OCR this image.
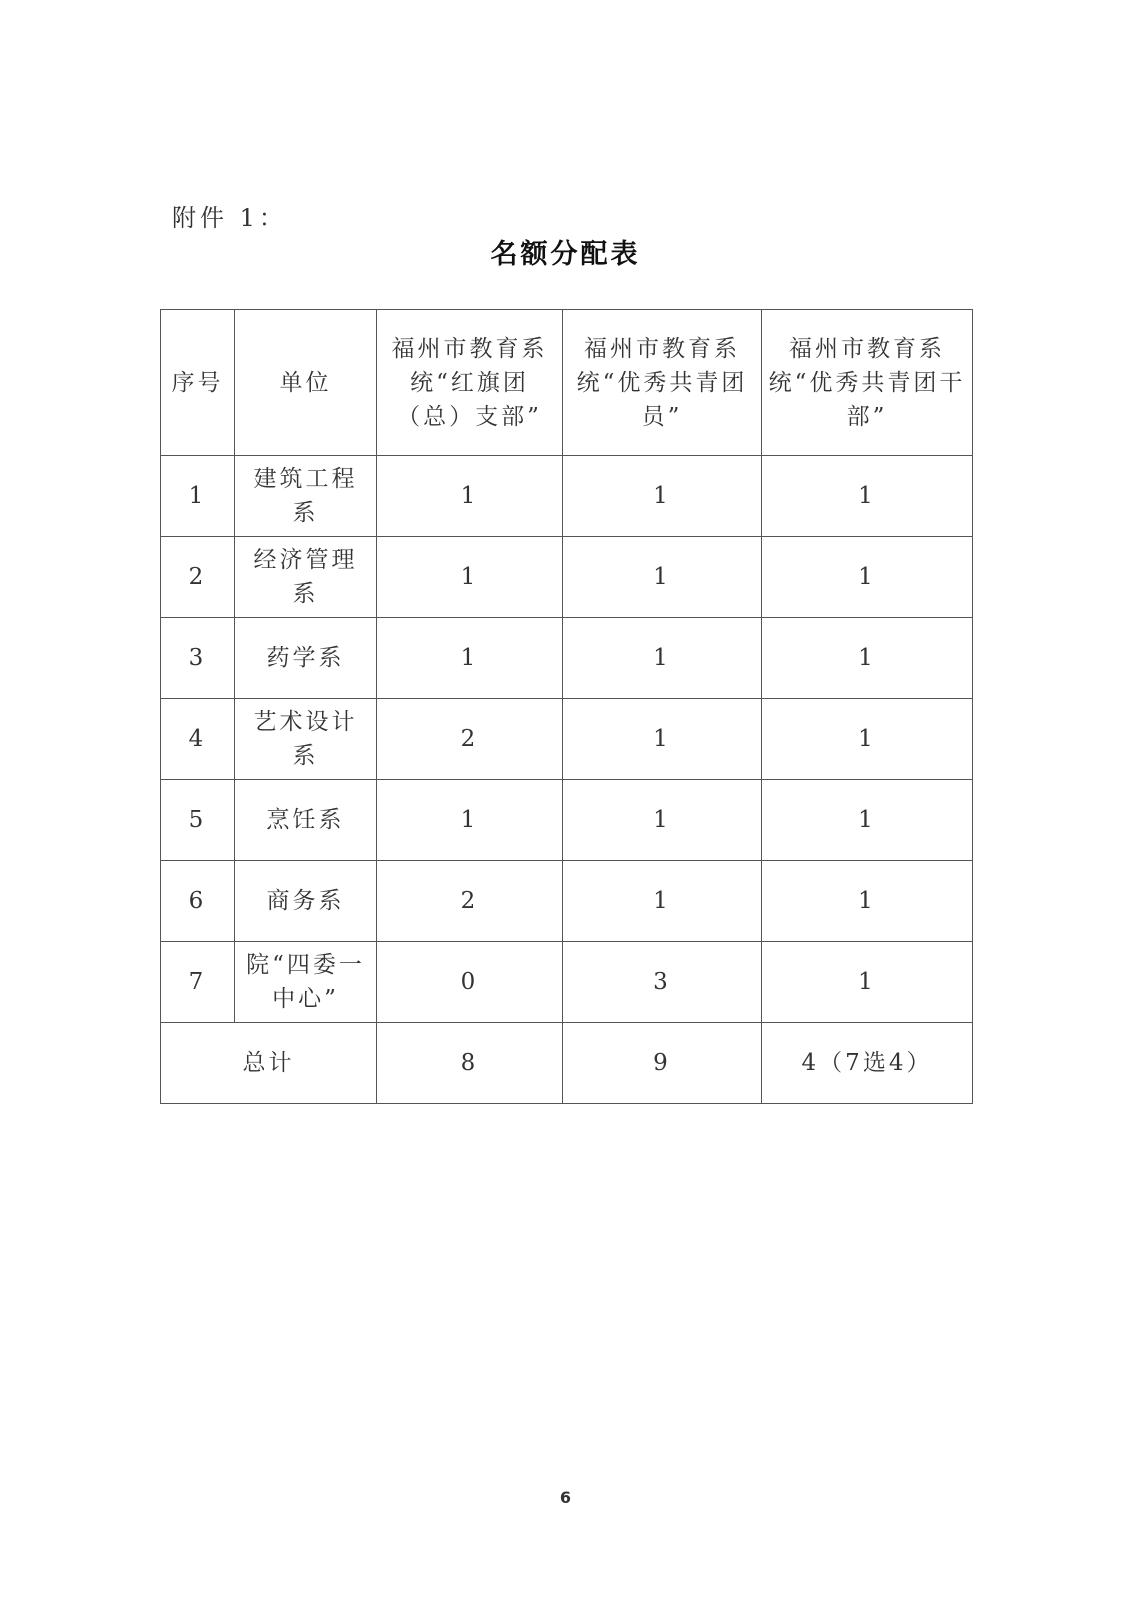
附件 1：
名额分配表
序号	单位	福州市教育系统“红旗团（总）支部”	福州市教育系统“优秀共青团员”	福州市教育系统“优秀共青团干部”
1	建筑工程系	1	1	1
2	经济管理系	1	1	1
3	药学系	1	1	1
4	艺术设计系	2	1	1
5	烹饪系	1	1	1
6	商务系	2	1	1
7	院“四委一中心”	0	3	1
总计		8	9	4（7选4）
6
